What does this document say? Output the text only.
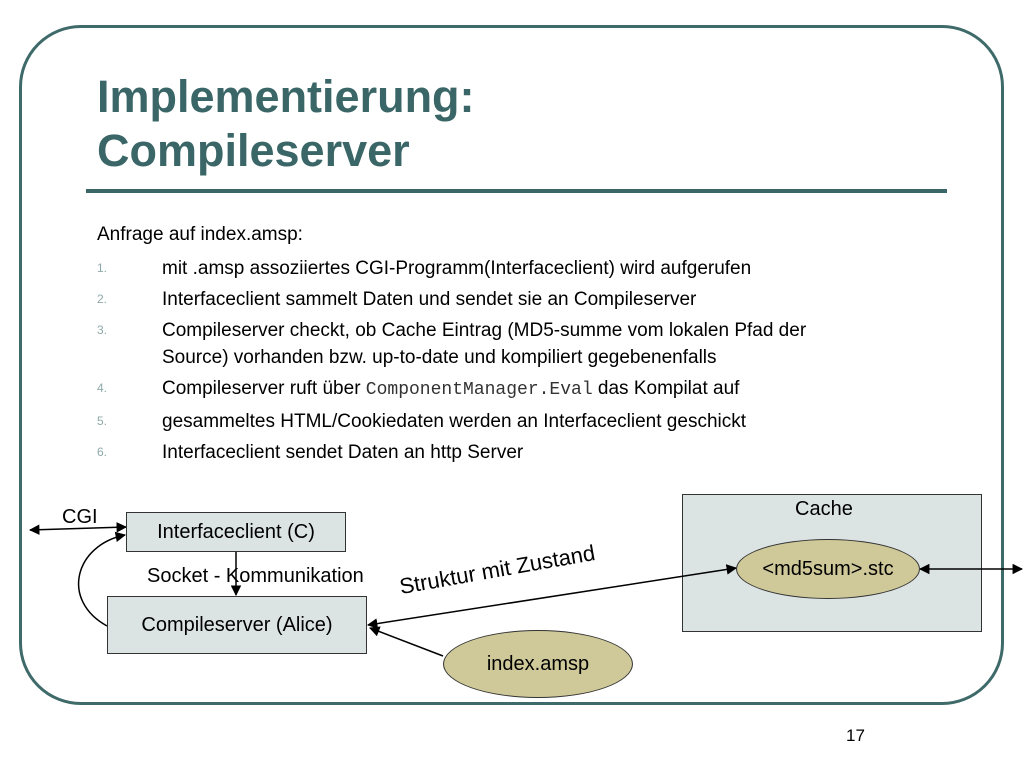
Implementierung:
Compileserver
Anfrage auf index.amsp:
1.	mit .amsp assoziiertes CGI-Programm(Interfaceclient) wird aufgerufen
2.	Interfaceclient sammelt Daten und sendet sie an Compileserver
3.	Compileserver checkt, ob Cache Eintrag (MD5-summe vom lokalen Pfad der Source) vorhanden bzw. up-to-date und kompiliert gegebenenfalls
4.	Compileserver ruft über ComponentManager.Eval das Kompilat auf
5.	gesammeltes HTML/Cookiedaten werden an Interfaceclient geschickt
6.	Interfaceclient sendet Daten an http Server
Cache
CGI
Interfaceclient (C)
Socket - Kommunikation
Compileserver (Alice)
Struktur mit Zustand	<md5sum>.stc
index.amsp
17
